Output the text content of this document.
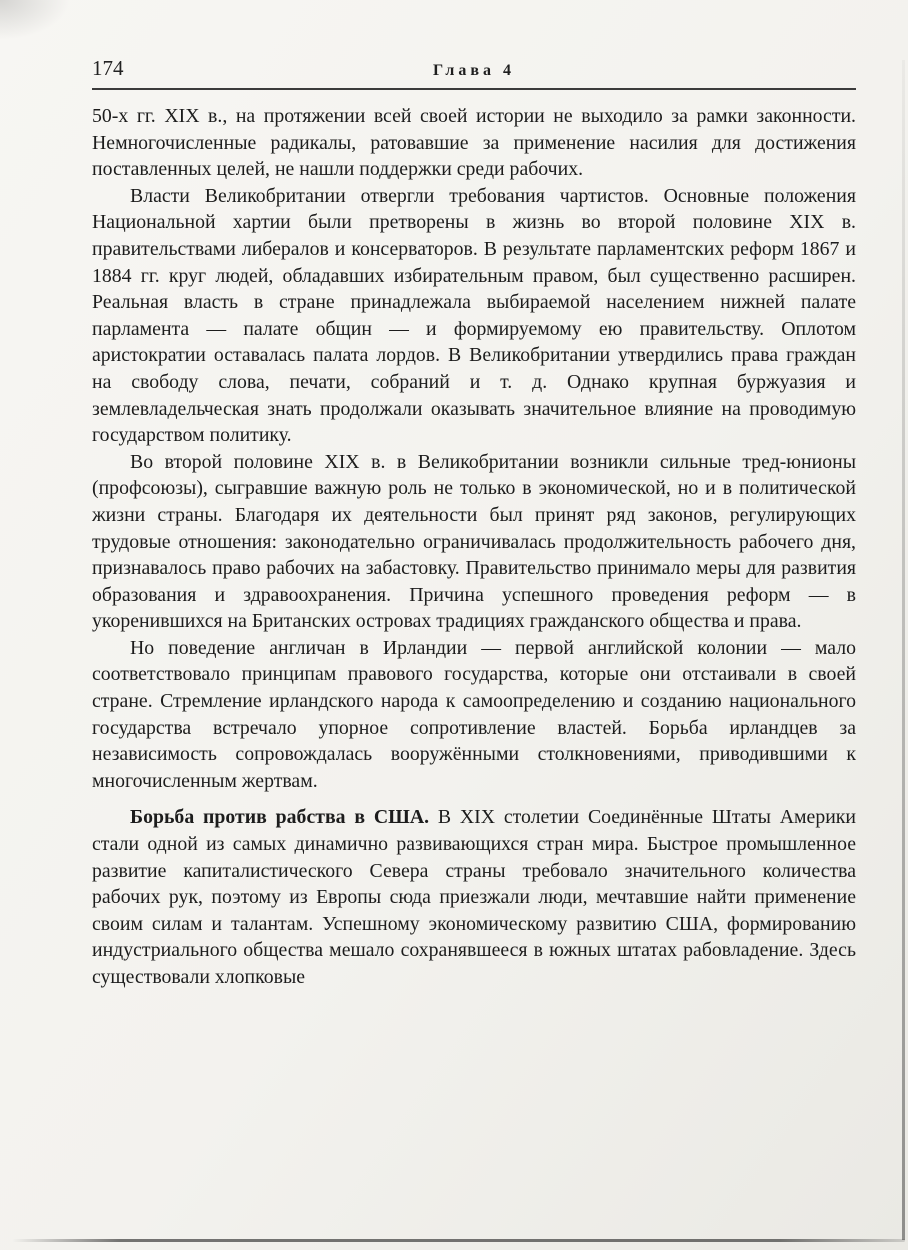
174	Глава 4

50-х гг. XIX в., на протяжении всей своей истории не выходило за рамки законности. Немногочисленные радикалы, ратовавшие за применение насилия для достижения поставленных целей, не нашли поддержки среди рабочих.

Власти Великобритании отвергли требования чартистов. Основные положения Национальной хартии были претворены в жизнь во второй половине XIX в. правительствами либералов и консерваторов. В результате парламентских реформ 1867 и 1884 гг. круг людей, обладавших избирательным правом, был существенно расширен. Реальная власть в стране принадлежала выбираемой населением нижней палате парламента — палате общин — и формируемому ею правительству. Оплотом аристократии оставалась палата лордов. В Великобритании утвердились права граждан на свободу слова, печати, собраний и т. д. Однако крупная буржуазия и землевладельческая знать продолжали оказывать значительное влияние на проводимую государством политику.

Во второй половине XIX в. в Великобритании возникли сильные тред-юнионы (профсоюзы), сыгравшие важную роль не только в экономической, но и в политической жизни страны. Благодаря их деятельности был принят ряд законов, регулирующих трудовые отношения: законодательно ограничивалась продолжительность рабочего дня, признавалось право рабочих на забастовку. Правительство принимало меры для развития образования и здравоохранения. Причина успешного проведения реформ — в укоренившихся на Британских островах традициях гражданского общества и права.

Но поведение англичан в Ирландии — первой английской колонии — мало соответствовало принципам правового государства, которые они отстаивали в своей стране. Стремление ирландского народа к самоопределению и созданию национального государства встречало упорное сопротивление властей. Борьба ирландцев за независимость сопровождалась вооружёнными столкновениями, приводившими к многочисленным жертвам.

Борьба против рабства в США. В XIX столетии Соединённые Штаты Америки стали одной из самых динамично развивающихся стран мира. Быстрое промышленное развитие капиталистического Севера страны требовало значительного количества рабочих рук, поэтому из Европы сюда приезжали люди, мечтавшие найти применение своим силам и талантам. Успешному экономическому развитию США, формированию индустриального общества мешало сохранявшееся в южных штатах рабовладение. Здесь существовали хлопковые
